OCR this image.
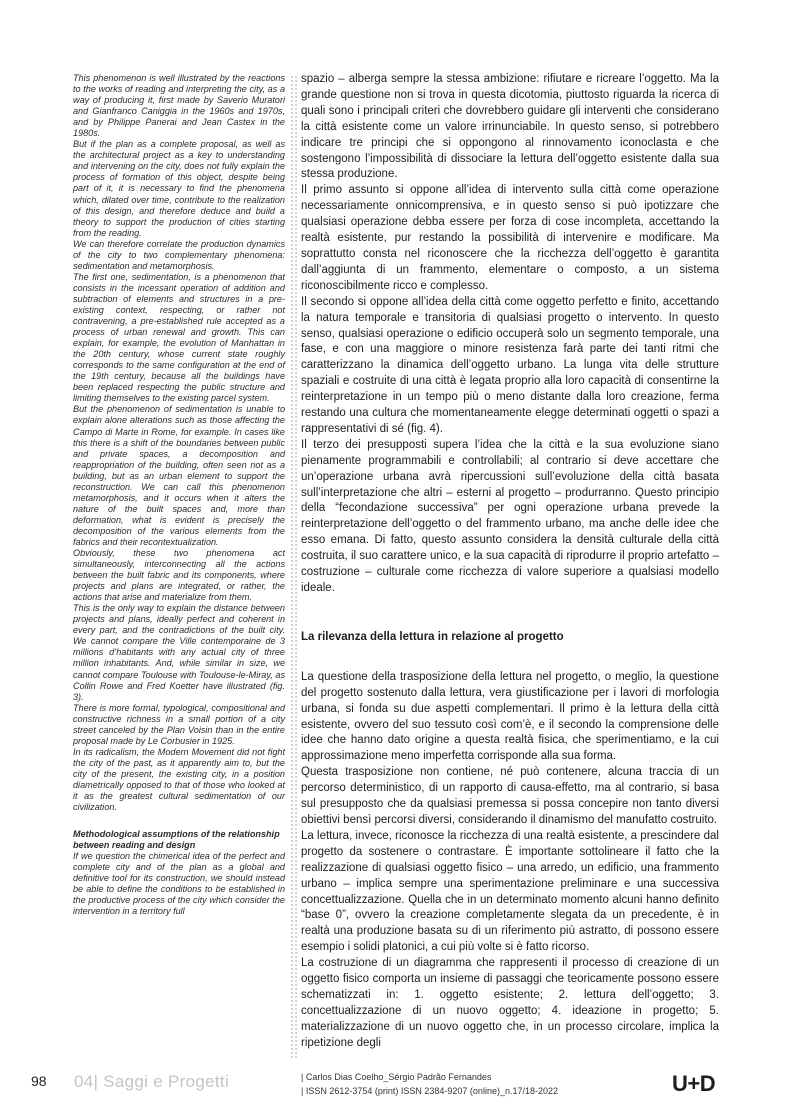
This phenomenon is well illustrated by the reactions to the works of reading and interpreting the city, as a way of producing it, first made by Saverio Muratori and Gianfranco Caniggia in the 1960s and 1970s, and by Philippe Panerai and Jean Castex in the 1980s.

But if the plan as a complete proposal, as well as the architectural project as a key to understanding and intervening on the city, does not fully explain the process of formation of this object, despite being part of it, it is necessary to find the phenomena which, dilated over time, contribute to the realization of this design, and therefore deduce and build a theory to support the production of cities starting from the reading.

We can therefore correlate the production dynamics of the city to two complementary phenomena: sedimentation and metamorphosis.

The first one, sedimentation, is a phenomenon that consists in the incessant operation of addition and subtraction of elements and structures in a pre-existing context, respecting, or rather not contravening, a pre-established rule accepted as a process of urban renewal and growth. This can explain, for example, the evolution of Manhattan in the 20th century, whose current state roughly corresponds to the same configuration at the end of the 19th century, because all the buildings have been replaced respecting the public structure and limiting themselves to the existing parcel system.

But the phenomenon of sedimentation is unable to explain alone alterations such as those affecting the Campo di Marte in Rome, for example. In cases like this there is a shift of the boundaries between public and private spaces, a decomposition and reappropriation of the building, often seen not as a building, but as an urban element to support the reconstruction. We can call this phenomenon metamorphosis, and it occurs when it alters the nature of the built spaces and, more than deformation, what is evident is precisely the decomposition of the various elements from the fabrics and their recontextualization.

Obviously, these two phenomena act simultaneously, interconnecting all the actions between the built fabric and its components, where projects and plans are integrated, or rather, the actions that arise and materialize from them.

This is the only way to explain the distance between projects and plans, ideally perfect and coherent in every part, and the contradictions of the built city. We cannot compare the Ville contemporaine de 3 millions d’habitants with any actual city of three million inhabitants. And, while similar in size, we cannot compare Toulouse with Toulouse-le-Miray, as Collin Rowe and Fred Koetter have illustrated (fig. 3).

There is more formal, typological, compositional and constructive richness in a small portion of a city street canceled by the Plan Voisin than in the entire proposal made by Le Corbusier in 1925.

In its radicalism, the Modern Movement did not fight the city of the past, as it apparently aim to, but the city of the present, the existing city, in a position diametrically opposed to that of those who looked at it as the greatest cultural sedimentation of our civilization.

Methodological assumptions of the relationship between reading and design

If we question the chimerical idea of the perfect and complete city and of the plan as a global and definitive tool for its construction, we should instead be able to define the conditions to be established in the productive process of the city which consider the intervention in a territory full

spazio – alberga sempre la stessa ambizione: rifiutare e ricreare l’oggetto. Ma la grande questione non si trova in questa dicotomia, piuttosto riguarda la ricerca di quali sono i principali criteri che dovrebbero guidare gli interventi che considerano la città esistente come un valore irrinunciabile. In questo senso, si potrebbero indicare tre principi che si oppongono al rinnovamento iconoclasta e che sostengono l’impossibilità di dissociare la lettura dell’oggetto esistente dalla sua stessa produzione.

Il primo assunto si oppone all’idea di intervento sulla città come operazione necessariamente onnicomprensiva, e in questo senso si può ipotizzare che qualsiasi operazione debba essere per forza di cose incompleta, accettando la realtà esistente, pur restando la possibilità di intervenire e modificare. Ma soprattutto consta nel riconoscere che la ricchezza dell’oggetto è garantita dall’aggiunta di un frammento, elementare o composto, a un sistema riconoscibilmente ricco e complesso.

Il secondo si oppone all’idea della città come oggetto perfetto e finito, accettando la natura temporale e transitoria di qualsiasi progetto o intervento. In questo senso, qualsiasi operazione o edificio occuperà solo un segmento temporale, una fase, e con una maggiore o minore resistenza farà parte dei tanti ritmi che caratterizzano la dinamica dell’oggetto urbano. La lunga vita delle strutture spaziali e costruite di una città è legata proprio alla loro capacità di consentirne la reinterpretazione in un tempo più o meno distante dalla loro creazione, ferma restando una cultura che momentaneamente elegge determinati oggetti o spazi a rappresentativi di sé (fig. 4).

Il terzo dei presupposti supera l’idea che la città e la sua evoluzione siano pienamente programmabili e controllabili; al contrario si deve accettare che un’operazione urbana avrà ripercussioni sull’evoluzione della città basata sull’interpretazione che altri – esterni al progetto – produrranno. Questo principio della “fecondazione successiva” per ogni operazione urbana prevede la reinterpretazione dell’oggetto o del frammento urbano, ma anche delle idee che esso emana. Di fatto, questo assunto considera la densità culturale della città costruita, il suo carattere unico, e la sua capacità di riprodurre il proprio artefatto – costruzione – culturale come ricchezza di valore superiore a qualsiasi modello ideale.

La rilevanza della lettura in relazione al progetto

La questione della trasposizione della lettura nel progetto, o meglio, la questione del progetto sostenuto dalla lettura, vera giustificazione per i lavori di morfologia urbana, si fonda su due aspetti complementari. Il primo è la lettura della città esistente, ovvero del suo tessuto così com’è, e il secondo la comprensione delle idee che hanno dato origine a questa realtà fisica, che sperimentiamo, e la cui approssimazione meno imperfetta corrisponde alla sua forma.

Questa trasposizione non contiene, né può contenere, alcuna traccia di un percorso deterministico, di un rapporto di causa-effetto, ma al contrario, si basa sul presupposto che da qualsiasi premessa si possa concepire non tanto diversi obiettivi bensì percorsi diversi, considerando il dinamismo del manufatto costruito.

La lettura, invece, riconosce la ricchezza di una realtà esistente, a prescindere dal progetto da sostenere o contrastare. È importante sottolineare il fatto che la realizzazione di qualsiasi oggetto fisico – una arredo, un edificio, una frammento urbano – implica sempre una sperimentazione preliminare e una successiva concettualizzazione. Quella che in un determinato momento alcuni hanno definito “base 0”, ovvero la creazione completamente slegata da un precedente, è in realtà una produzione basata su di un riferimento più astratto, di possono essere esempio i solidi platonici, a cui più volte si è fatto ricorso.

La costruzione di un diagramma che rappresenti il processo di creazione di un oggetto fisico comporta un insieme di passaggi che teoricamente possono essere schematizzati in: 1. oggetto esistente; 2. lettura dell’oggetto; 3. concettualizzazione di un nuovo oggetto; 4. ideazione in progetto; 5. materializzazione di un nuovo oggetto che, in un processo circolare, implica la ripetizione degli

98 04| Saggi e Progetti	| Carlos Dias Coelho_Sérgio Padrão Fernandes
| ISSN 2612-3754 (print) ISSN 2384-9207 (online)_n.17/18-2022	U+D
